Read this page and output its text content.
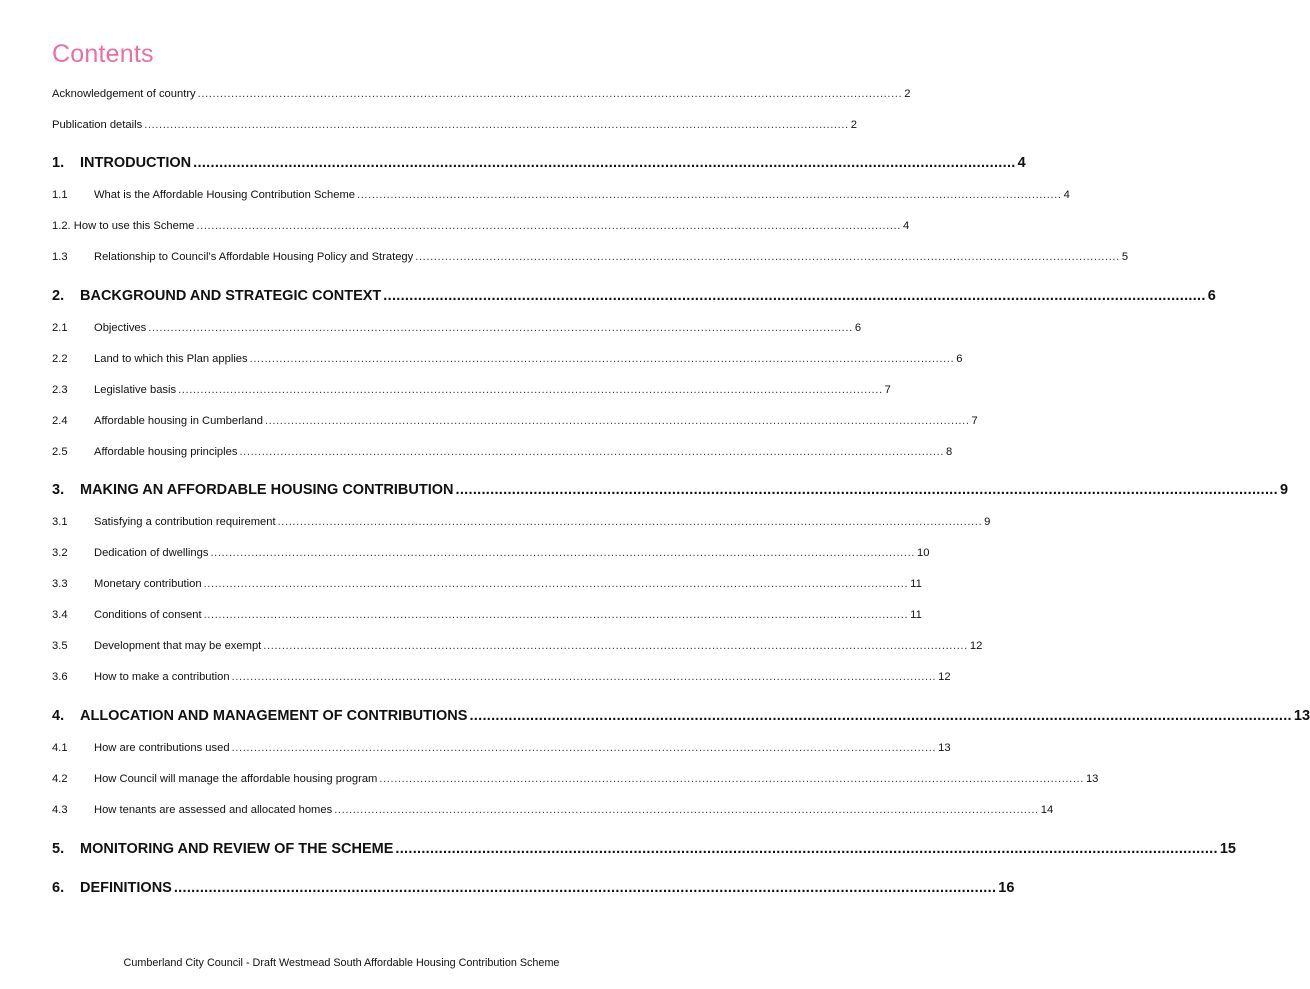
Contents
Acknowledgement of country .............................................................................................................................................................................................. 2
Publication details .............................................................................................................................................................................................. 2
1.	INTRODUCTION .............................................................................................................................................................................................. 4
1.1	What is the Affordable Housing Contribution Scheme .............................................................................................................................................................................................. 4
1.2. How to use this Scheme .............................................................................................................................................................................................. 4
1.3	Relationship to Council’s Affordable Housing Policy and Strategy .............................................................................................................................................................................................. 5
2.	BACKGROUND AND STRATEGIC CONTEXT .............................................................................................................................................................................................. 6
2.1	Objectives .............................................................................................................................................................................................. 6
2.2	Land to which this Plan applies .............................................................................................................................................................................................. 6
2.3	Legislative basis .............................................................................................................................................................................................. 7
2.4	Affordable housing in Cumberland .............................................................................................................................................................................................. 7
2.5	Affordable housing principles .............................................................................................................................................................................................. 8
3.	MAKING AN AFFORDABLE HOUSING CONTRIBUTION .............................................................................................................................................................................................. 9
3.1	Satisfying a contribution requirement .............................................................................................................................................................................................. 9
3.2	Dedication of dwellings .............................................................................................................................................................................................. 10
3.3	Monetary contribution .............................................................................................................................................................................................. 11
3.4	Conditions of consent .............................................................................................................................................................................................. 11
3.5	Development that may be exempt .............................................................................................................................................................................................. 12
3.6	How to make a contribution .............................................................................................................................................................................................. 12
4.	ALLOCATION AND MANAGEMENT OF CONTRIBUTIONS .............................................................................................................................................................................................. 13
4.1	How are contributions used .............................................................................................................................................................................................. 13
4.2	How Council will manage the affordable housing program .............................................................................................................................................................................................. 13
4.3	How tenants are assessed and allocated homes .............................................................................................................................................................................................. 14
5.	MONITORING AND REVIEW OF THE SCHEME .............................................................................................................................................................................................. 15
6.	DEFINITIONS .............................................................................................................................................................................................. 16
Cumberland City Council - Draft Westmead South Affordable Housing Contribution Scheme
